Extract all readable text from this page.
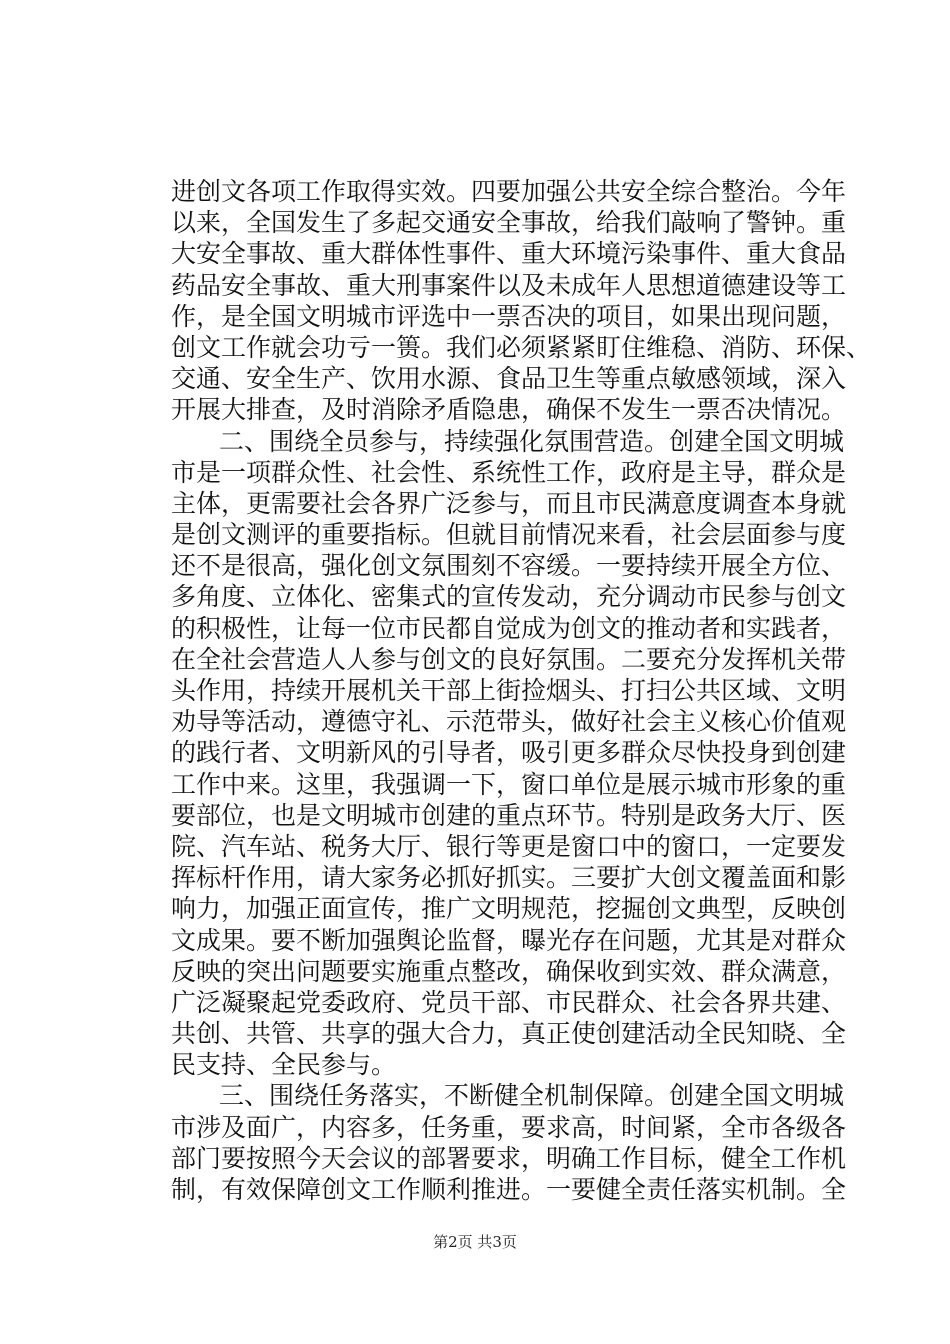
进创文各项工作取得实效。四要加强公共安全综合整治。今年
以来，全国发生了多起交通安全事故，给我们敲响了警钟。重
大安全事故、重大群体性事件、重大环境污染事件、重大食品
药品安全事故、重大刑事案件以及未成年人思想道德建设等工
作，是全国文明城市评选中一票否决的项目，如果出现问题，
创文工作就会功亏一篑。我们必须紧紧盯住维稳、消防、环保、
交通、安全生产、饮用水源、食品卫生等重点敏感领域，深入
开展大排查，及时消除矛盾隐患，确保不发生一票否决情况。
二、围绕全员参与，持续强化氛围营造。创建全国文明城
市是一项群众性、社会性、系统性工作，政府是主导，群众是
主体，更需要社会各界广泛参与，而且市民满意度调查本身就
是创文测评的重要指标。但就目前情况来看，社会层面参与度
还不是很高，强化创文氛围刻不容缓。一要持续开展全方位、
多角度、立体化、密集式的宣传发动，充分调动市民参与创文
的积极性，让每一位市民都自觉成为创文的推动者和实践者，
在全社会营造人人参与创文的良好氛围。二要充分发挥机关带
头作用，持续开展机关干部上街捡烟头、打扫公共区域、文明
劝导等活动，遵德守礼、示范带头，做好社会主义核心价值观
的践行者、文明新风的引导者，吸引更多群众尽快投身到创建
工作中来。这里，我强调一下，窗口单位是展示城市形象的重
要部位，也是文明城市创建的重点环节。特别是政务大厅、医
院、汽车站、税务大厅、银行等更是窗口中的窗口，一定要发
挥标杆作用，请大家务必抓好抓实。三要扩大创文覆盖面和影
响力，加强正面宣传，推广文明规范，挖掘创文典型，反映创
文成果。要不断加强舆论监督，曝光存在问题，尤其是对群众
反映的突出问题要实施重点整改，确保收到实效、群众满意，
广泛凝聚起党委政府、党员干部、市民群众、社会各界共建、
共创、共管、共享的强大合力，真正使创建活动全民知晓、全
民支持、全民参与。
三、围绕任务落实，不断健全机制保障。创建全国文明城
市涉及面广，内容多，任务重，要求高，时间紧，全市各级各
部门要按照今天会议的部署要求，明确工作目标，健全工作机
制，有效保障创文工作顺利推进。一要健全责任落实机制。全
第2页 共3页
